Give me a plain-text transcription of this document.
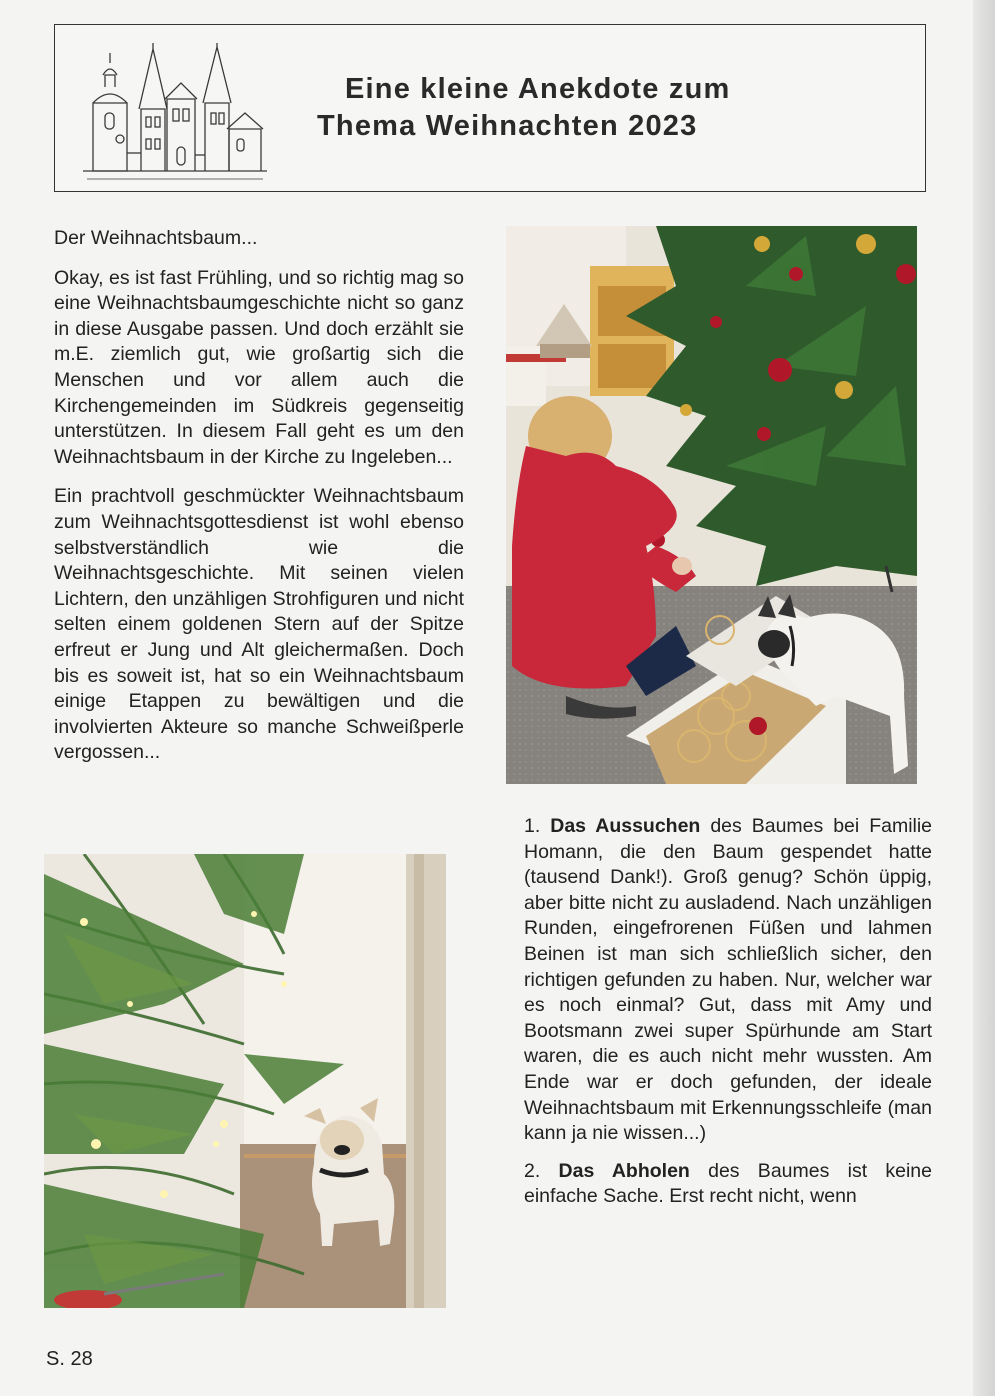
Eine kleine Anekdote zum
Thema Weihnachten 2023

Der Weihnachtsbaum...

Okay, es ist fast Frühling, und so richtig mag so eine Weihnachtsbaumgeschichte nicht so ganz in diese Ausgabe passen. Und doch erzählt sie m.E. ziemlich gut, wie großartig sich die Menschen und vor allem auch die Kirchengemeinden im Südkreis gegenseitig unterstützen. In diesem Fall geht es um den Weihnachtsbaum in der Kirche zu Ingeleben...

Ein prachtvoll geschmückter Weihnachtsbaum zum Weihnachtsgottesdienst ist wohl ebenso selbstverständlich wie die Weihnachtsgeschichte. Mit seinen vielen Lichtern, den unzähligen Strohfiguren und nicht selten einem goldenen Stern auf der Spitze erfreut er Jung und Alt gleichermaßen. Doch bis es soweit ist, hat so ein Weihnachtsbaum einige Etappen zu bewältigen und die involvierten Akteure so manche Schweißperle vergossen...

1. Das Aussuchen des Baumes bei Familie Homann, die den Baum gespendet hatte (tausend Dank!). Groß genug? Schön üppig, aber bitte nicht zu ausladend. Nach unzähligen Runden, eingefrorenen Füßen und lahmen Beinen ist man sich schließlich sicher, den richtigen gefunden zu haben. Nur, welcher war es noch einmal? Gut, dass mit Amy und Bootsmann zwei super Spürhunde am Start waren, die es auch nicht mehr wussten. Am Ende war er doch gefunden, der ideale Weihnachtsbaum mit Erkennungsschleife (man kann ja nie wissen...)

2. Das Abholen des Baumes ist keine einfache Sache. Erst recht nicht, wenn

S. 28
